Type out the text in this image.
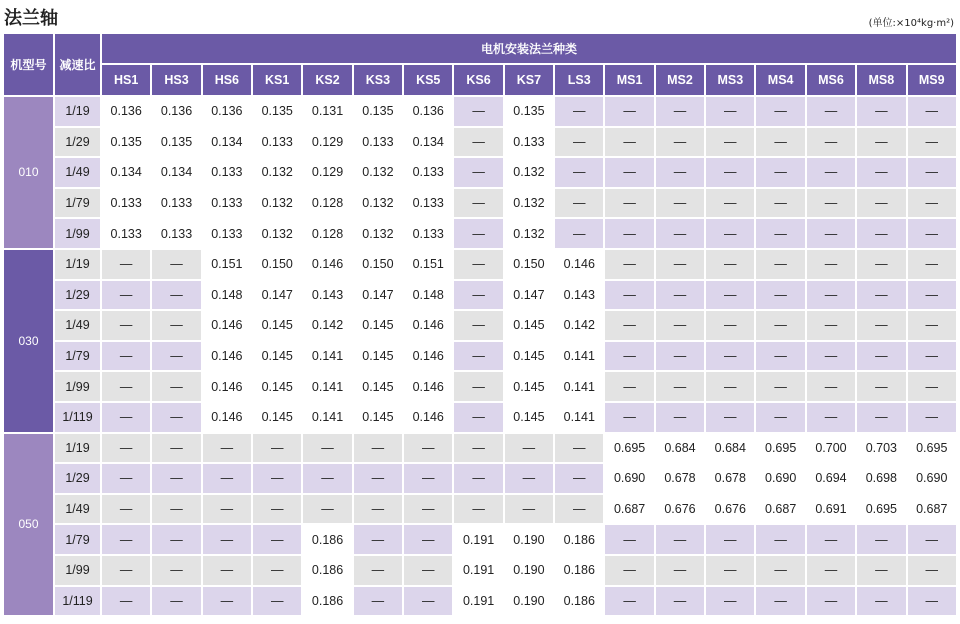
法兰轴	(单位:×10⁴kg·m²)
机型号	减速比	电机安装法兰种类																
		HS1	HS3	HS6	KS1	KS2	KS3	KS5	KS6	KS7	LS3	MS1	MS2	MS3	MS4	MS6	MS8	MS9
010	1/19	0.136	0.136	0.136	0.135	0.131	0.135	0.136	—	0.135	—	—	—	—	—	—	—	—
	1/29	0.135	0.135	0.134	0.133	0.129	0.133	0.134	—	0.133	—	—	—	—	—	—	—	—
	1/49	0.134	0.134	0.133	0.132	0.129	0.132	0.133	—	0.132	—	—	—	—	—	—	—	—
	1/79	0.133	0.133	0.133	0.132	0.128	0.132	0.133	—	0.132	—	—	—	—	—	—	—	—
	1/99	0.133	0.133	0.133	0.132	0.128	0.132	0.133	—	0.132	—	—	—	—	—	—	—	—
030	1/19	—	—	0.151	0.150	0.146	0.150	0.151	—	0.150	0.146	—	—	—	—	—	—	—
	1/29	—	—	0.148	0.147	0.143	0.147	0.148	—	0.147	0.143	—	—	—	—	—	—	—
	1/49	—	—	0.146	0.145	0.142	0.145	0.146	—	0.145	0.142	—	—	—	—	—	—	—
	1/79	—	—	0.146	0.145	0.141	0.145	0.146	—	0.145	0.141	—	—	—	—	—	—	—
	1/99	—	—	0.146	0.145	0.141	0.145	0.146	—	0.145	0.141	—	—	—	—	—	—	—
	1/119	—	—	0.146	0.145	0.141	0.145	0.146	—	0.145	0.141	—	—	—	—	—	—	—
050	1/19	—	—	—	—	—	—	—	—	—	—	0.695	0.684	0.684	0.695	0.700	0.703	0.695
	1/29	—	—	—	—	—	—	—	—	—	—	0.690	0.678	0.678	0.690	0.694	0.698	0.690
	1/49	—	—	—	—	—	—	—	—	—	—	0.687	0.676	0.676	0.687	0.691	0.695	0.687
	1/79	—	—	—	—	0.186	—	—	0.191	0.190	0.186	—	—	—	—	—	—	—
	1/99	—	—	—	—	0.186	—	—	0.191	0.190	0.186	—	—	—	—	—	—	—
	1/119	—	—	—	—	0.186	—	—	0.191	0.190	0.186	—	—	—	—	—	—	—
